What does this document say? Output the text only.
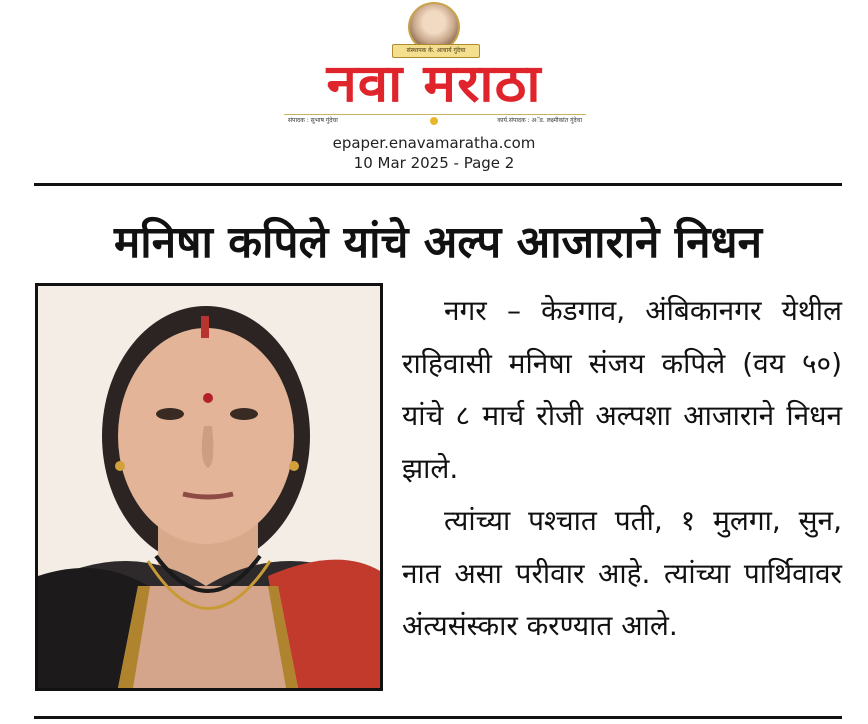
संस्थापक के. आचार्य गुंदेचा
नवा मराठा
संपादक : सुभाष गुंदेचा	कार्य.संपादक : अॅड. लक्ष्मीकांत गुंदेचा
epaper.enavamaratha.com
10 Mar 2025 - Page 2
मनिषा कपिले यांचे अल्प आजाराने निधन

नगर – केडगाव, अंबिकानगर येथील राहिवासी मनिषा संजय कपिले (वय ५०) यांचे ८ मार्च रोजी अल्पशा आजाराने निधन झाले.

त्यांच्या पश्चात पती, १ मुलगा, सुन, नात असा परीवार आहे. त्यांच्या पार्थिवावर अंत्यसंस्कार करण्यात आले.
